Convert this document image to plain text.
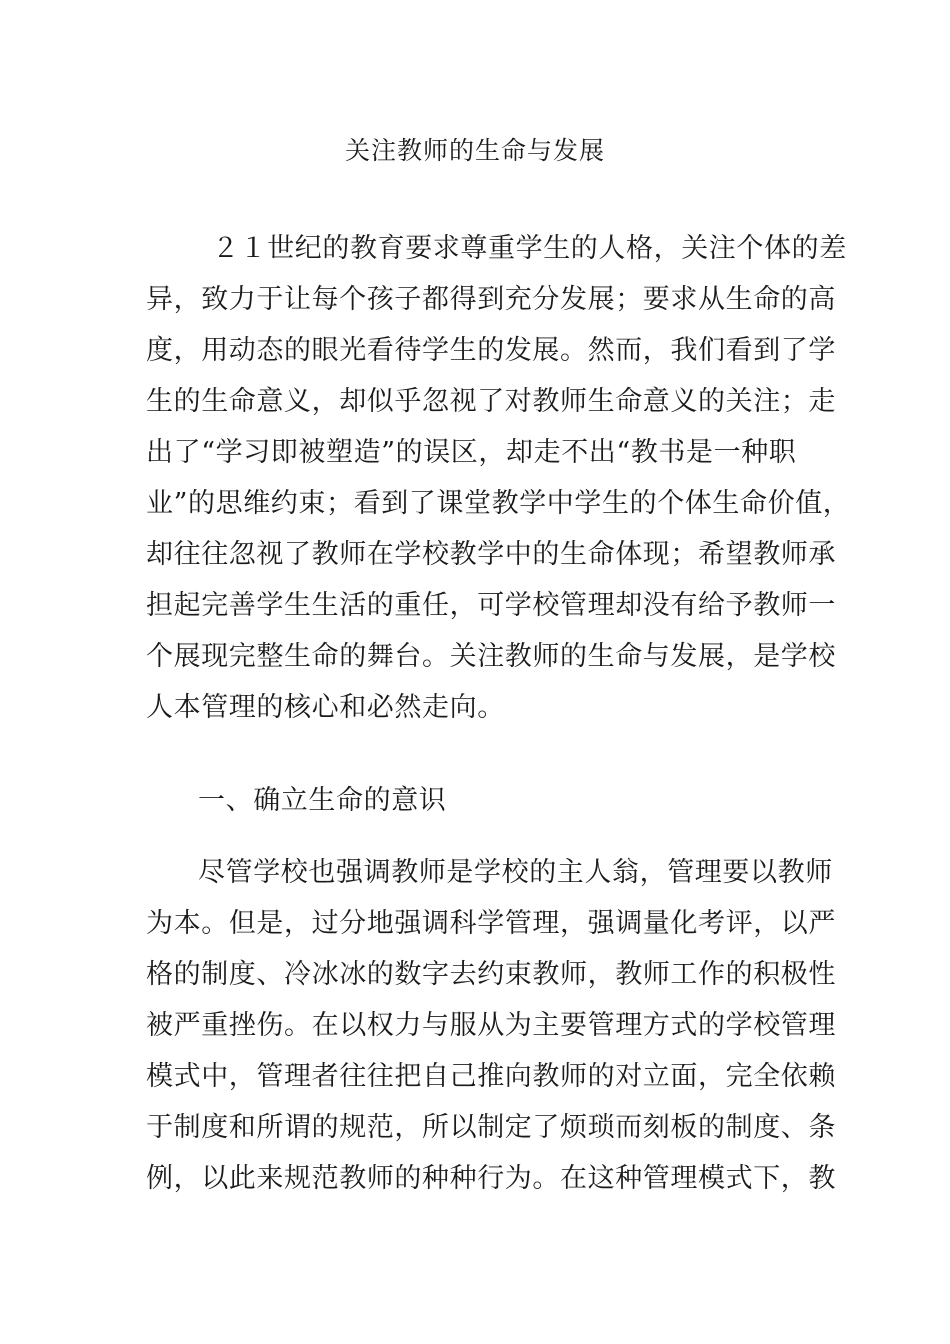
关注教师的生命与发展
２１世纪的教育要求尊重学生的人格，关注个体的差
异，致力于让每个孩子都得到充分发展；要求从生命的高
度，用动态的眼光看待学生的发展。然而，我们看到了学
生的生命意义，却似乎忽视了对教师生命意义的关注；走
出了“学习即被塑造”的误区，却走不出“教书是一种职
业”的思维约束；看到了课堂教学中学生的个体生命价值，
却往往忽视了教师在学校教学中的生命体现；希望教师承
担起完善学生生活的重任，可学校管理却没有给予教师一
个展现完整生命的舞台。关注教师的生命与发展，是学校
人本管理的核心和必然走向。
一、确立生命的意识
尽管学校也强调教师是学校的主人翁，管理要以教师
为本。但是，过分地强调科学管理，强调量化考评，以严
格的制度、冷冰冰的数字去约束教师，教师工作的积极性
被严重挫伤。在以权力与服从为主要管理方式的学校管理
模式中，管理者往往把自己推向教师的对立面，完全依赖
于制度和所谓的规范，所以制定了烦琐而刻板的制度、条
例，以此来规范教师的种种行为。在这种管理模式下，教
